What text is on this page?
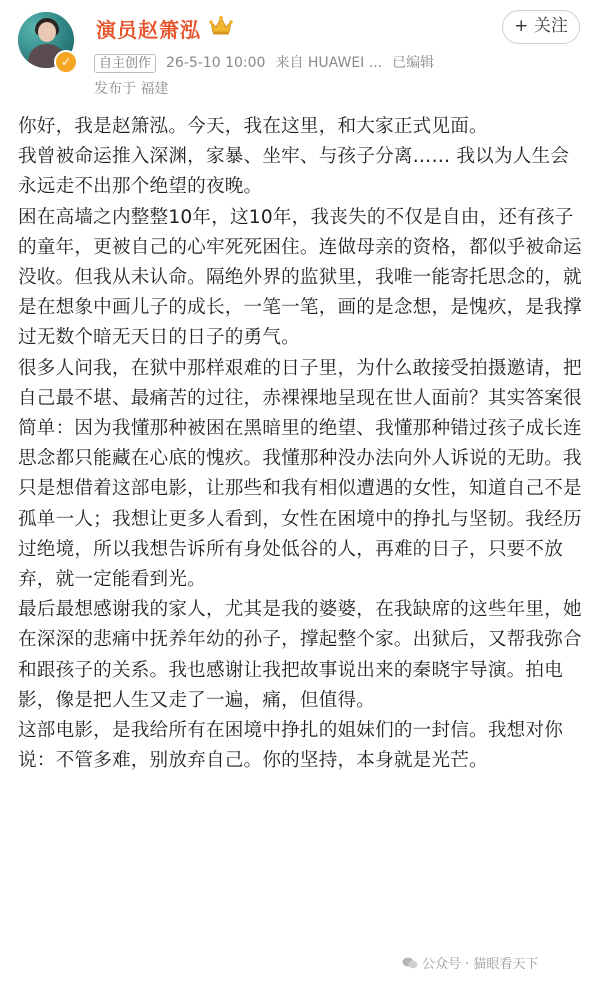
✓
演员赵箫泓	+ 关注
自主创作 26-5-10 10:00 来自 HUAWEI ... 已编辑
发布于 福建

你好，我是赵箫泓。今天，我在这里，和大家正式见面。

我曾被命运推入深渊，家暴、坐牢、与孩子分离…… 我以为人生会永远走不出那个绝望的夜晚。

困在高墙之内整整10年，这10年，我丧失的不仅是自由，还有孩子的童年，更被自己的心牢死死困住。连做母亲的资格，都似乎被命运没收。但我从未认命。隔绝外界的监狱里，我唯一能寄托思念的，就是在想象中画儿子的成长，一笔一笔，画的是念想，是愧疚，是我撑过无数个暗无天日的日子的勇气。

很多人问我，在狱中那样艰难的日子里，为什么敢接受拍摄邀请，把自己最不堪、最痛苦的过往，赤裸裸地呈现在世人面前？其实答案很简单：因为我懂那种被困在黑暗里的绝望、我懂那种错过孩子成长连思念都只能藏在心底的愧疚。我懂那种没办法向外人诉说的无助。我只是想借着这部电影，让那些和我有相似遭遇的女性，知道自己不是孤单一人；我想让更多人看到，女性在困境中的挣扎与坚韧。我经历过绝境，所以我想告诉所有身处低谷的人，再难的日子，只要不放弃，就一定能看到光。

最后最想感谢我的家人，尤其是我的婆婆，在我缺席的这些年里，她在深深的悲痛中抚养年幼的孙子，撑起整个家。出狱后，又帮我弥合和跟孩子的关系。我也感谢让我把故事说出来的秦晓宇导演。拍电影，像是把人生又走了一遍，痛，但值得。

这部电影，是我给所有在困境中挣扎的姐妹们的一封信。我想对你说：不管多难，别放弃自己。你的坚持，本身就是光芒。

公众号 · 猫眼看天下
